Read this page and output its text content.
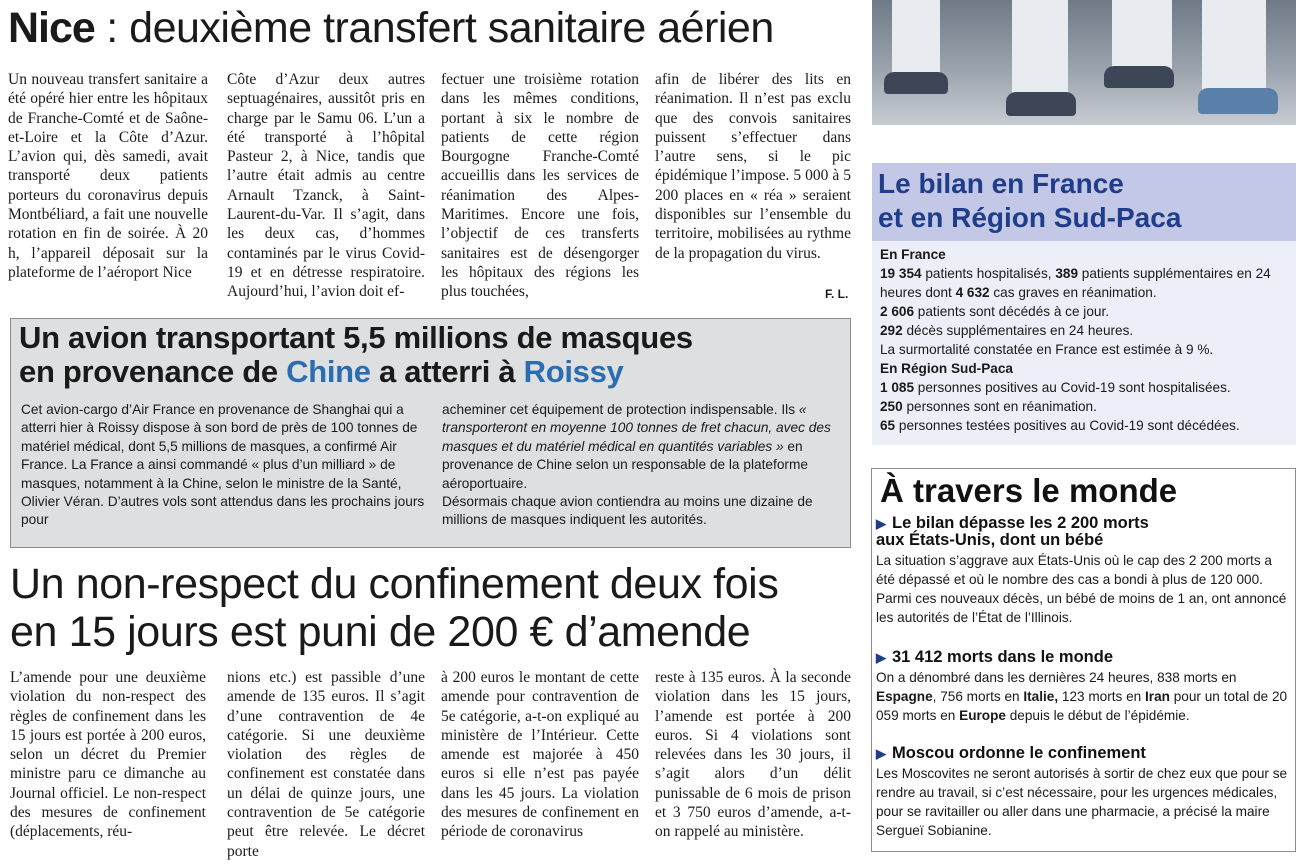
Nice : deuxième transfert sanitaire aérien
Un nouveau transfert sanitaire a été opéré hier entre les hôpitaux de Franche-Comté et de Saône-et-Loire et la Côte d’Azur. L’avion qui, dès samedi, avait transporté deux patients porteurs du coronavirus depuis Montbéliard, a fait une nouvelle rotation en fin de soirée. À 20 h, l’appareil déposait sur la plateforme de l’aéroport Nice
Côte d’Azur deux autres septuagénaires, aussitôt pris en charge par le Samu 06. L’un a été transporté à l’hôpital Pasteur 2, à Nice, tandis que l’autre était admis au centre Arnault Tzanck, à Saint-Laurent-du-Var. Il s’agit, dans les deux cas, d’hommes contaminés par le virus Covid-19 et en détresse respiratoire. Aujourd’hui, l’avion doit ef-
fectuer une troisième rotation dans les mêmes conditions, portant à six le nombre de patients de cette région Bourgogne Franche-Comté accueillis dans les services de réanimation des Alpes-Maritimes. Encore une fois, l’objectif de ces transferts sanitaires est de désengorger les hôpitaux des régions les plus touchées,
afin de libérer des lits en réanimation. Il n’est pas exclu que des convois sanitaires puissent s’effectuer dans l’autre sens, si le pic épidémique l’impose. 5 000 à 5 200 places en « réa » seraient disponibles sur l’ensemble du territoire, mobilisées au rythme de la propagation du virus.
F. L.
Un avion transportant 5,5 millions de masques
en provenance de Chine a atterri à Roissy
Cet avion-cargo d’Air France en provenance de Shanghai qui a atterri hier à Roissy dispose à son bord de près de 100 tonnes de matériel médical, dont 5,5 millions de masques, a confirmé Air France. La France a ainsi commandé « plus d’un milliard » de masques, notamment à la Chine, selon le ministre de la Santé, Olivier Véran. D’autres vols sont attendus dans les prochains jours pour
acheminer cet équipement de protection indispensable. Ils « transporteront en moyenne 100 tonnes de fret chacun, avec des masques et du matériel médical en quantités variables » en provenance de Chine selon un responsable de la plateforme aéroportuaire.
Désormais chaque avion contiendra au moins une dizaine de millions de masques indiquent les autorités.
Un non-respect du confinement deux fois
en 15 jours est puni de 200 € d’amende
L’amende pour une deuxième violation du non-respect des règles de confinement dans les 15 jours est portée à 200 euros, selon un décret du Premier ministre paru ce dimanche au Journal officiel. Le non-respect des mesures de confinement (déplacements, réu-
nions etc.) est passible d’une amende de 135 euros. Il s’agit d’une contravention de 4e catégorie. Si une deuxième violation des règles de confinement est constatée dans un délai de quinze jours, une contravention de 5e catégorie peut être relevée. Le décret porte
à 200 euros le montant de cette amende pour contravention de 5e catégorie, a-t-on expliqué au ministère de l’Intérieur. Cette amende est majorée à 450 euros si elle n’est pas payée dans les 45 jours. La violation des mesures de confinement en période de coronavirus
reste à 135 euros. À la seconde violation dans les 15 jours, l’amende est portée à 200 euros. Si 4 violations sont relevées dans les 30 jours, il s’agit alors d’un délit punissable de 6 mois de prison et 3 750 euros d’amende, a-t-on rappelé au ministère.
Le bilan en France
et en Région Sud-Paca
En France
19 354 patients hospitalisés, 389 patients supplémentaires en 24 heures dont 4 632 cas graves en réanimation.
2 606 patients sont décédés à ce jour.
292 décès supplémentaires en 24 heures.
La surmortalité constatée en France est estimée à 9 %.
En Région Sud-Paca
1 085 personnes positives au Covid-19 sont hospitalisées.
250 personnes sont en réanimation.
65 personnes testées positives au Covid-19 sont décédées.
À travers le monde
▶ Le bilan dépasse les 2 200 morts
aux États-Unis, dont un bébé
La situation s’aggrave aux États-Unis où le cap des 2 200 morts a été dépassé et où le nombre des cas a bondi à plus de 120 000. Parmi ces nouveaux décès, un bébé de moins de 1 an, ont annoncé les autorités de l’État de l’Illinois.
▶ 31 412 morts dans le monde
On a dénombré dans les dernières 24 heures, 838 morts en Espagne, 756 morts en Italie, 123 morts en Iran pour un total de 20 059 morts en Europe depuis le début de l’épidémie.
▶ Moscou ordonne le confinement
Les Moscovites ne seront autorisés à sortir de chez eux que pour se rendre au travail, si c’est nécessaire, pour les urgences médicales, pour se ravitailler ou aller dans une pharmacie, a précisé la maire Sergueï Sobianine.
